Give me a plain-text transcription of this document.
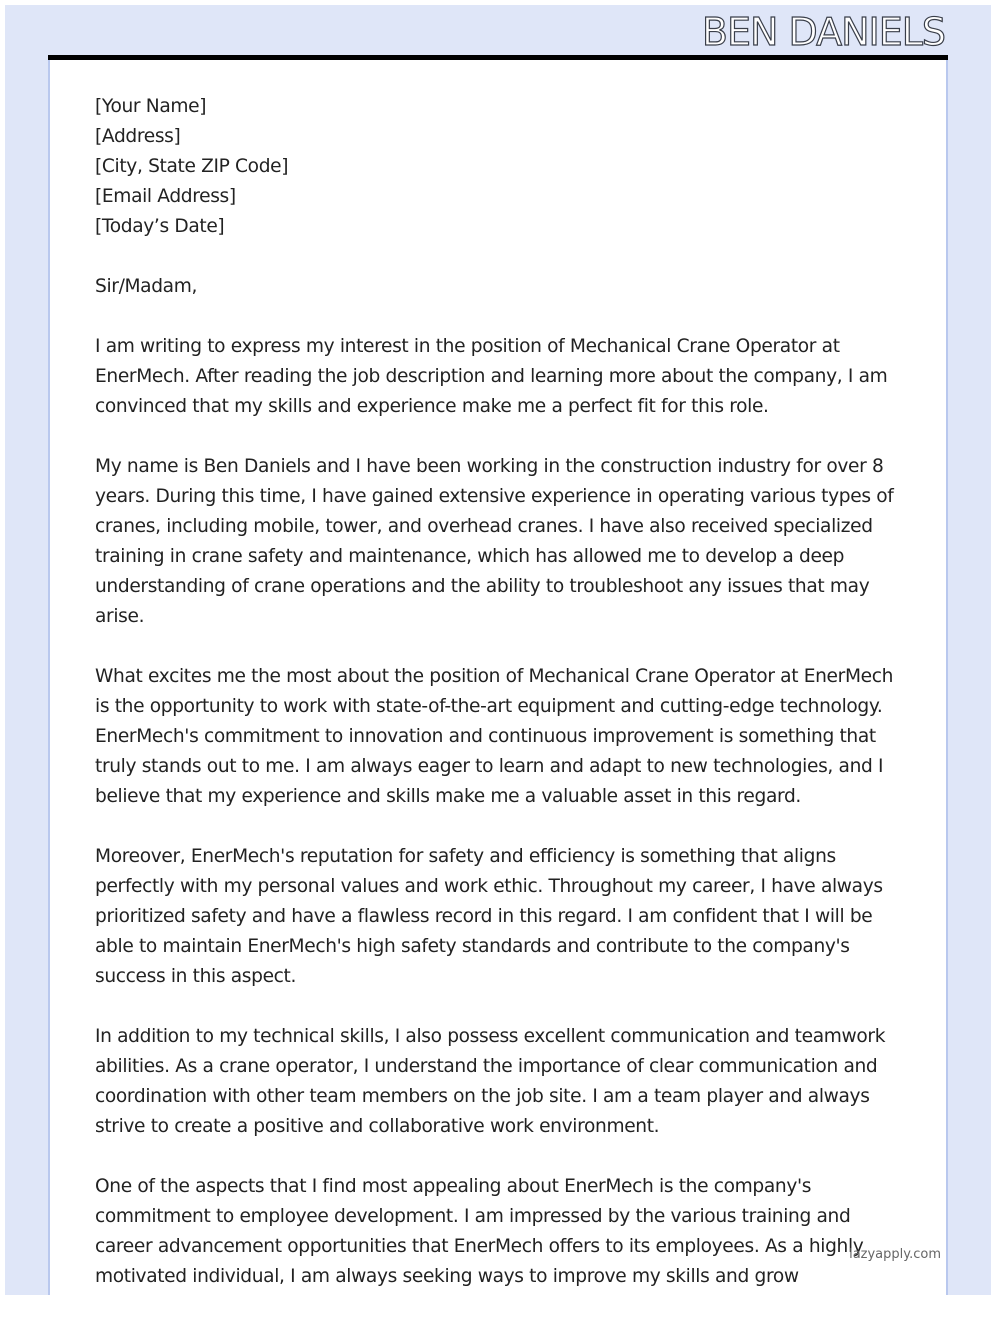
BEN DANIELS

[Your Name]
[Address]
[City, State ZIP Code]
[Email Address]
[Today’s Date]

Sir/Madam,

I am writing to express my interest in the position of Mechanical Crane Operator at EnerMech. After reading the job description and learning more about the company, I am convinced that my skills and experience make me a perfect fit for this role.

My name is Ben Daniels and I have been working in the construction industry for over 8 years. During this time, I have gained extensive experience in operating various types of cranes, including mobile, tower, and overhead cranes. I have also received specialized training in crane safety and maintenance, which has allowed me to develop a deep understanding of crane operations and the ability to troubleshoot any issues that may arise.

What excites me the most about the position of Mechanical Crane Operator at EnerMech is the opportunity to work with state-of-the-art equipment and cutting-edge technology. EnerMech's commitment to innovation and continuous improvement is something that truly stands out to me. I am always eager to learn and adapt to new technologies, and I believe that my experience and skills make me a valuable asset in this regard.

Moreover, EnerMech's reputation for safety and efficiency is something that aligns perfectly with my personal values and work ethic. Throughout my career, I have always prioritized safety and have a flawless record in this regard. I am confident that I will be able to maintain EnerMech's high safety standards and contribute to the company's success in this aspect.

In addition to my technical skills, I also possess excellent communication and teamwork abilities. As a crane operator, I understand the importance of clear communication and coordination with other team members on the job site. I am a team player and always strive to create a positive and collaborative work environment.

One of the aspects that I find most appealing about EnerMech is the company's commitment to employee development. I am impressed by the various training and career advancement opportunities that EnerMech offers to its employees. As a highly motivated individual, I am always seeking ways to improve my skills and grow

lazyapply.com
